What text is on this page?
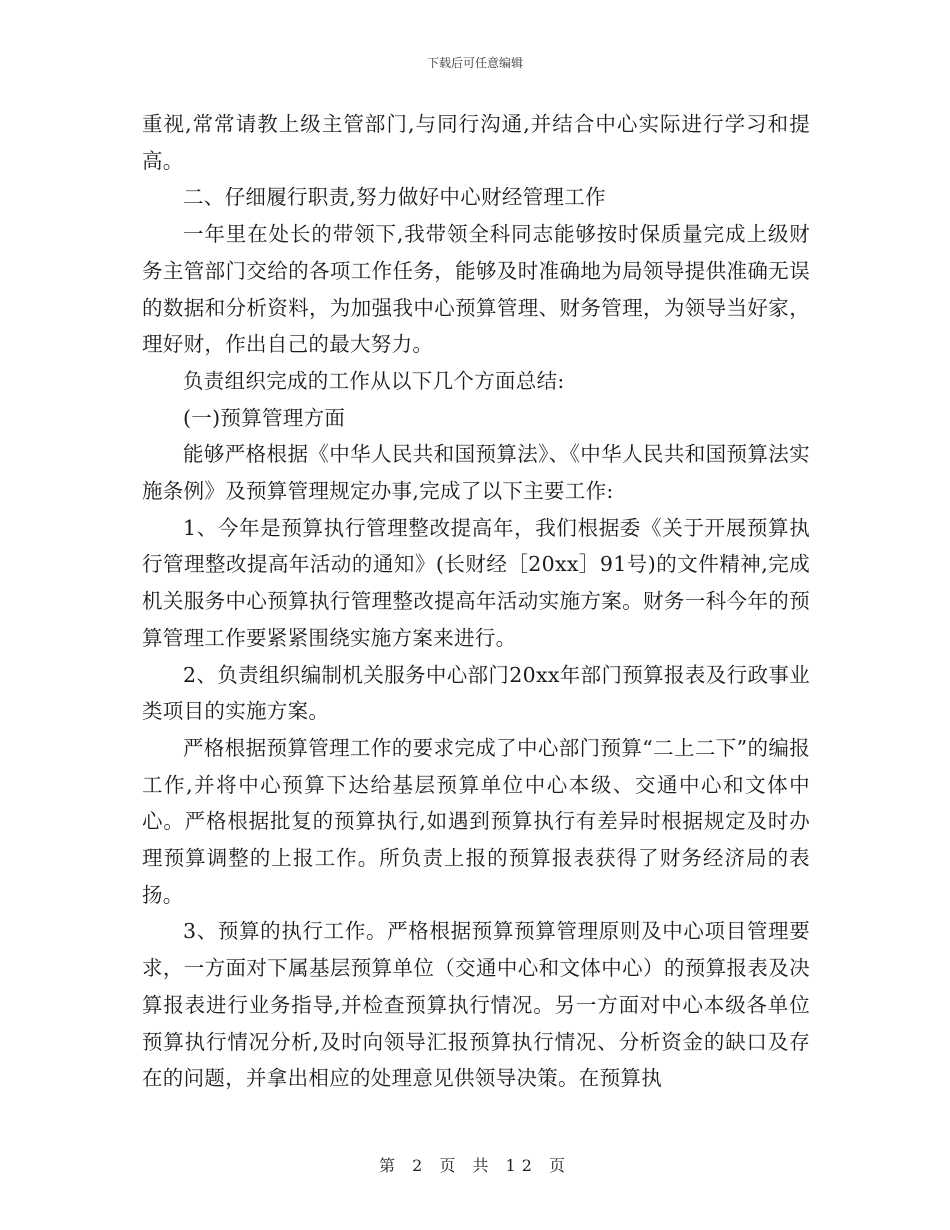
下载后可任意编辑

重视,常常请教上级主管部门,与同行沟通,并结合中心实际进行学习和提高。

二、仔细履行职责,努力做好中心财经管理工作

一年里在处长的带领下,我带领全科同志能够按时保质量完成上级财务主管部门交给的各项工作任务，能够及时准确地为局领导提供准确无误的数据和分析资料，为加强我中心预算管理、财务管理，为领导当好家，理好财，作出自己的最大努力。

负责组织完成的工作从以下几个方面总结:

(一)预算管理方面

能够严格根据《中华人民共和国预算法》、《中华人民共和国预算法实施条例》及预算管理规定办事,完成了以下主要工作:

1、今年是预算执行管理整改提高年，我们根据委《关于开展预算执行管理整改提高年活动的通知》(长财经［20xx］91号)的文件精神,完成机关服务中心预算执行管理整改提高年活动实施方案。财务一科今年的预算管理工作要紧紧围绕实施方案来进行。

2、负责组织编制机关服务中心部门20xx年部门预算报表及行政事业类项目的实施方案。

严格根据预算管理工作的要求完成了中心部门预算“二上二下”的编报工作,并将中心预算下达给基层预算单位中心本级、交通中心和文体中心。严格根据批复的预算执行,如遇到预算执行有差异时根据规定及时办理预算调整的上报工作。所负责上报的预算报表获得了财务经济局的表扬。

3、预算的执行工作。严格根据预算预算管理原则及中心项目管理要求，一方面对下属基层预算单位（交通中心和文体中心）的预算报表及决算报表进行业务指导,并检查预算执行情况。另一方面对中心本级各单位预算执行情况分析,及时向领导汇报预算执行情况、分析资金的缺口及存在的问题，并拿出相应的处理意见供领导决策。在预算执

第 2 页 共 12 页
